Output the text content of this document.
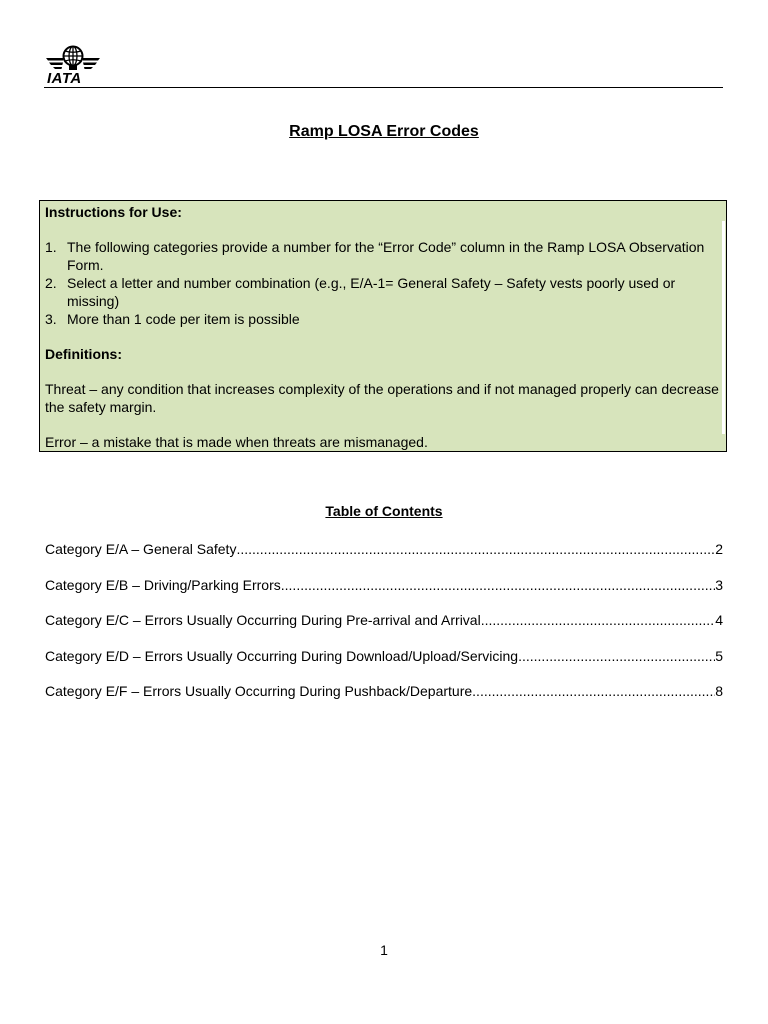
IATA
Ramp LOSA Error Codes
Instructions for Use:
1. The following categories provide a number for the “Error Code” column in the Ramp LOSA Observation Form.
2. Select a letter and number combination (e.g., E/A-1= General Safety – Safety vests poorly used or missing)
3. More than 1 code per item is possible
Definitions:
Threat – any condition that increases complexity of the operations and if not managed properly can decrease the safety margin.
Error – a mistake that is made when threats are mismanaged.
Table of Contents
Category E/A – General Safety .....	2
Category E/B – Driving/Parking Errors .....	3
Category E/C – Errors Usually Occurring During Pre-arrival and Arrival .....	4
Category E/D – Errors Usually Occurring During Download/Upload/Servicing .....	5
Category E/F – Errors Usually Occurring During Pushback/Departure .....	8
1
